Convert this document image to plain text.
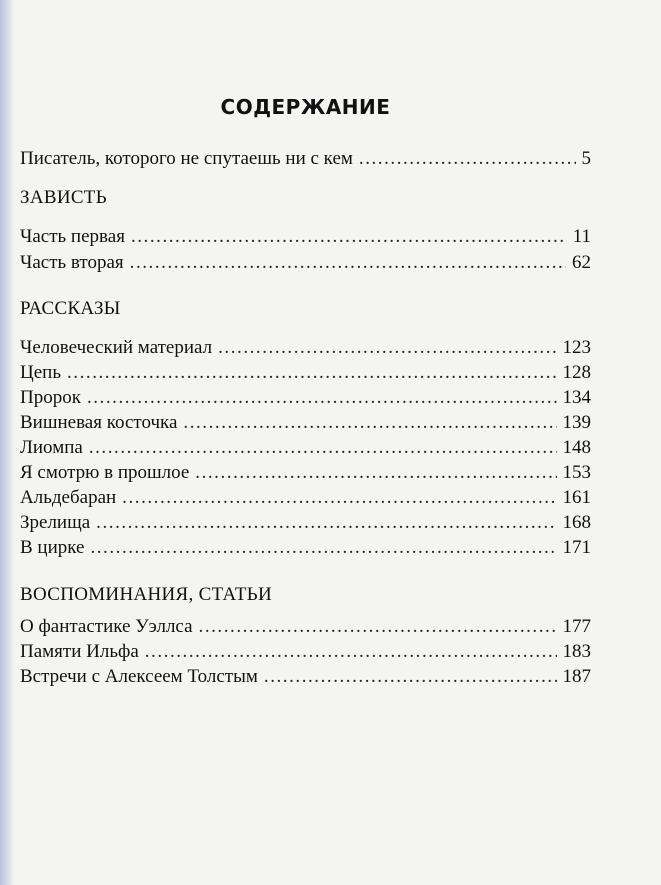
СОДЕРЖАНИЕ
Писатель, которого не спутаешь ни с кем . . .	5
ЗАВИСТЬ
Часть первая . . .	11
Часть вторая . . .	62
РАССКАЗЫ
Человеческий материал . . .	123
Цепь . . .	128
Пророк . . .	134
Вишневая косточка . . .	139
Лиомпа . . .	148
Я смотрю в прошлое . . .	153
Альдебаран . . .	161
Зрелища . . .	168
В цирке . . .	171
ВОСПОМИНАНИЯ, СТАТЬИ
О фантастике Уэллса . . .	177
Памяти Ильфа . . .	183
Встречи с Алексеем Толстым . . .	187
